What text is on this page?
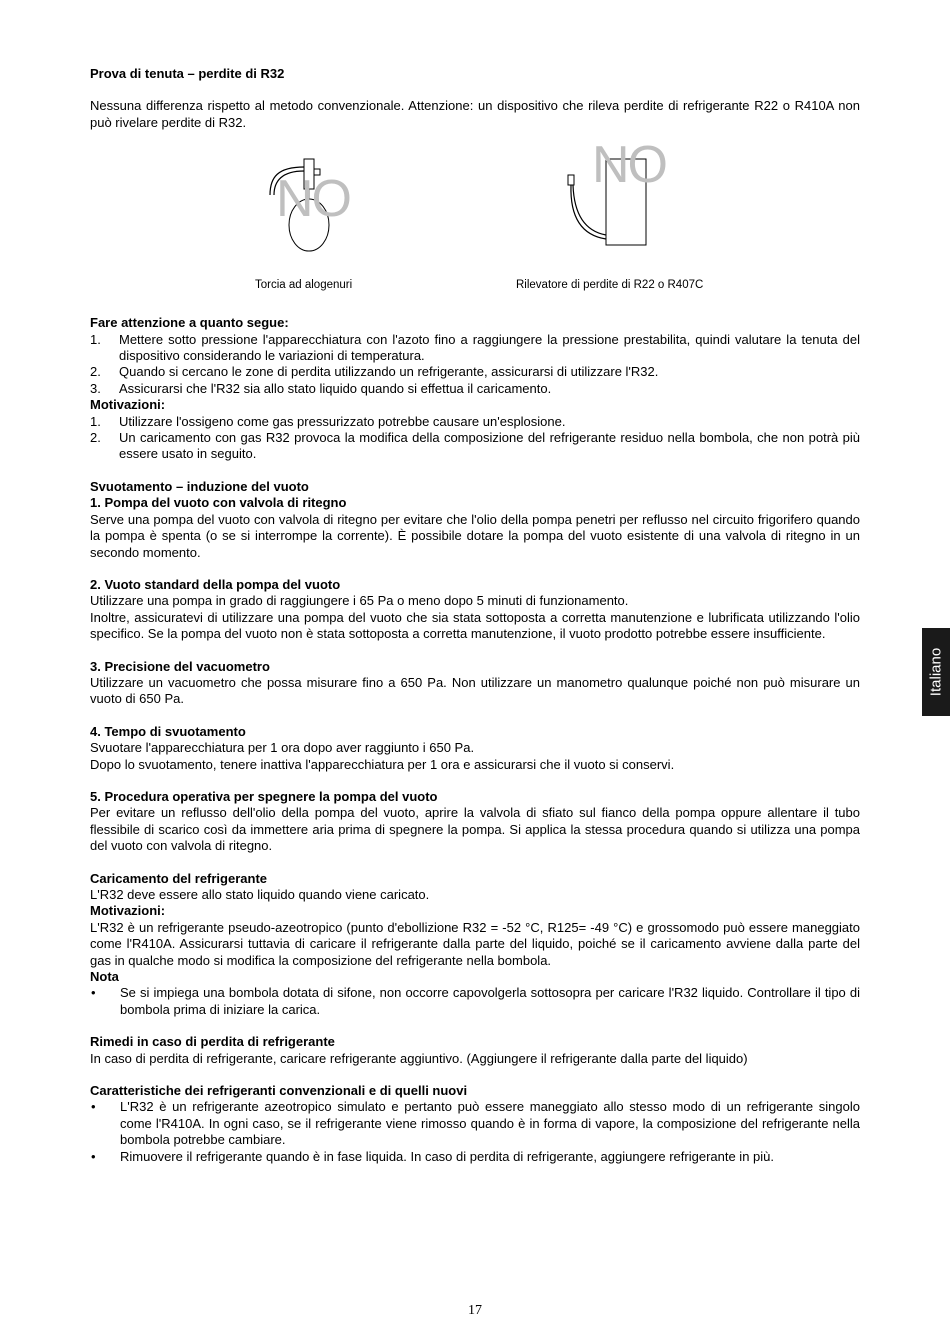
Prova di tenuta – perdite di R32

Nessuna differenza rispetto al metodo convenzionale. Attenzione: un dispositivo che rileva perdite di refrigerante R22 o R410A non può rivelare perdite di R32.

NO
Torcia ad alogenuri
NO
Rilevatore di perdite di R22 o R407C

Fare attenzione a quanto segue:

1.	Mettere sotto pressione l'apparecchiatura con l'azoto fino a raggiungere la pressione prestabilita, quindi valutare la tenuta del dispositivo considerando le variazioni di temperatura.
2.	Quando si cercano le zone di perdita utilizzando un refrigerante, assicurarsi di utilizzare l'R32.
3.	Assicurarsi che l'R32 sia allo stato liquido quando si effettua il caricamento.

Motivazioni:

1.	Utilizzare l'ossigeno come gas pressurizzato potrebbe causare un'esplosione.
2.	Un caricamento con gas R32 provoca la modifica della composizione del refrigerante residuo nella bombola, che non potrà più essere usato in seguito.

Svuotamento – induzione del vuoto

1. Pompa del vuoto con valvola di ritegno

Serve una pompa del vuoto con valvola di ritegno per evitare che l'olio della pompa penetri per reflusso nel circuito frigorifero quando la pompa è spenta (o se si interrompe la corrente). È possibile dotare la pompa del vuoto esistente di una valvola di ritegno in un secondo momento.

2. Vuoto standard della pompa del vuoto

Utilizzare una pompa in grado di raggiungere i 65 Pa o meno dopo 5 minuti di funzionamento.

Inoltre, assicuratevi di utilizzare una pompa del vuoto che sia stata sottoposta a corretta manutenzione e lubrificata utilizzando l'olio specifico. Se la pompa del vuoto non è stata sottoposta a corretta manutenzione, il vuoto prodotto potrebbe essere insufficiente.

3. Precisione del vacuometro

Utilizzare un vacuometro che possa misurare fino a 650 Pa. Non utilizzare un manometro qualunque poiché non può misurare un vuoto di 650 Pa.

4. Tempo di svuotamento

Svuotare l'apparecchiatura per 1 ora dopo aver raggiunto i 650 Pa.

Dopo lo svuotamento, tenere inattiva l'apparecchiatura per 1 ora e assicurarsi che il vuoto si conservi.

5. Procedura operativa per spegnere la pompa del vuoto

Per evitare un reflusso dell'olio della pompa del vuoto, aprire la valvola di sfiato sul fianco della pompa oppure allentare il tubo flessibile di scarico così da immettere aria prima di spegnere la pompa. Si applica la stessa procedura quando si utilizza una pompa del vuoto con valvola di ritegno.

Caricamento del refrigerante

L'R32 deve essere allo stato liquido quando viene caricato.

Motivazioni:

L'R32 è un refrigerante pseudo-azeotropico (punto d'ebollizione R32 = -52 °C, R125= -49 °C) e grossomodo può essere maneggiato come l'R410A. Assicurarsi tuttavia di caricare il refrigerante dalla parte del liquido, poiché se il caricamento avviene dalla parte del gas in qualche modo si modifica la composizione del refrigerante nella bombola.

Nota

•	Se si impiega una bombola dotata di sifone, non occorre capovolgerla sottosopra per caricare l'R32 liquido. Controllare il tipo di bombola prima di iniziare la carica.

Rimedi in caso di perdita di refrigerante

In caso di perdita di refrigerante, caricare refrigerante aggiuntivo. (Aggiungere il refrigerante dalla parte del liquido)

Caratteristiche dei refrigeranti convenzionali e di quelli nuovi

•	L'R32 è un refrigerante azeotropico simulato e pertanto può essere maneggiato allo stesso modo di un refrigerante singolo come l'R410A. In ogni caso, se il refrigerante viene rimosso quando è in forma di vapore, la composizione del refrigerante nella bombola potrebbe cambiare.
•	Rimuovere il refrigerante quando è in fase liquida. In caso di perdita di refrigerante, aggiungere refrigerante in più.
Italiano
17
